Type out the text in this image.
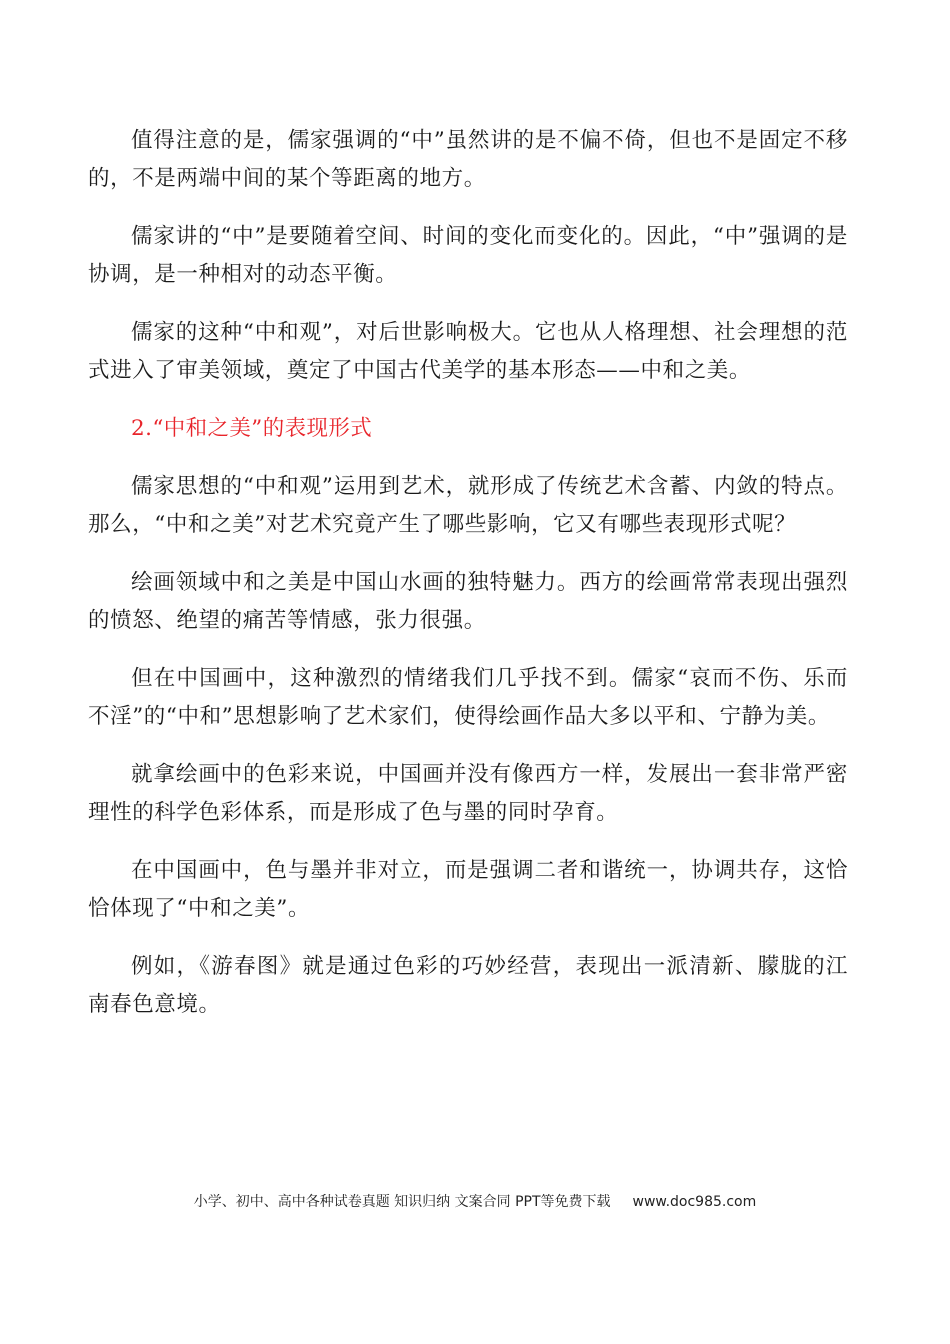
值得注意的是，儒家强调的“中”虽然讲的是不偏不倚，但也不是固定不移的，不是两端中间的某个等距离的地方。

儒家讲的“中”是要随着空间、时间的变化而变化的。因此，“中”强调的是协调，是一种相对的动态平衡。

儒家的这种“中和观”，对后世影响极大。它也从人格理想、社会理想的范式进入了审美领域，奠定了中国古代美学的基本形态——中和之美。

2.“中和之美”的表现形式

儒家思想的“中和观”运用到艺术，就形成了传统艺术含蓄、内敛的特点。那么，“中和之美”对艺术究竟产生了哪些影响，它又有哪些表现形式呢？

绘画领域中和之美是中国山水画的独特魅力。西方的绘画常常表现出强烈的愤怒、绝望的痛苦等情感，张力很强。

但在中国画中，这种激烈的情绪我们几乎找不到。儒家“哀而不伤、乐而不淫”的“中和”思想影响了艺术家们，使得绘画作品大多以平和、宁静为美。

就拿绘画中的色彩来说，中国画并没有像西方一样，发展出一套非常严密理性的科学色彩体系，而是形成了色与墨的同时孕育。

在中国画中，色与墨并非对立，而是强调二者和谐统一，协调共存，这恰恰体现了“中和之美”。

例如，《游春图》就是通过色彩的巧妙经营，表现出一派清新、朦胧的江南春色意境。

小学、初中、高中各种试卷真题 知识归纳 文案合同 PPT等免费下载 www.doc985.com
